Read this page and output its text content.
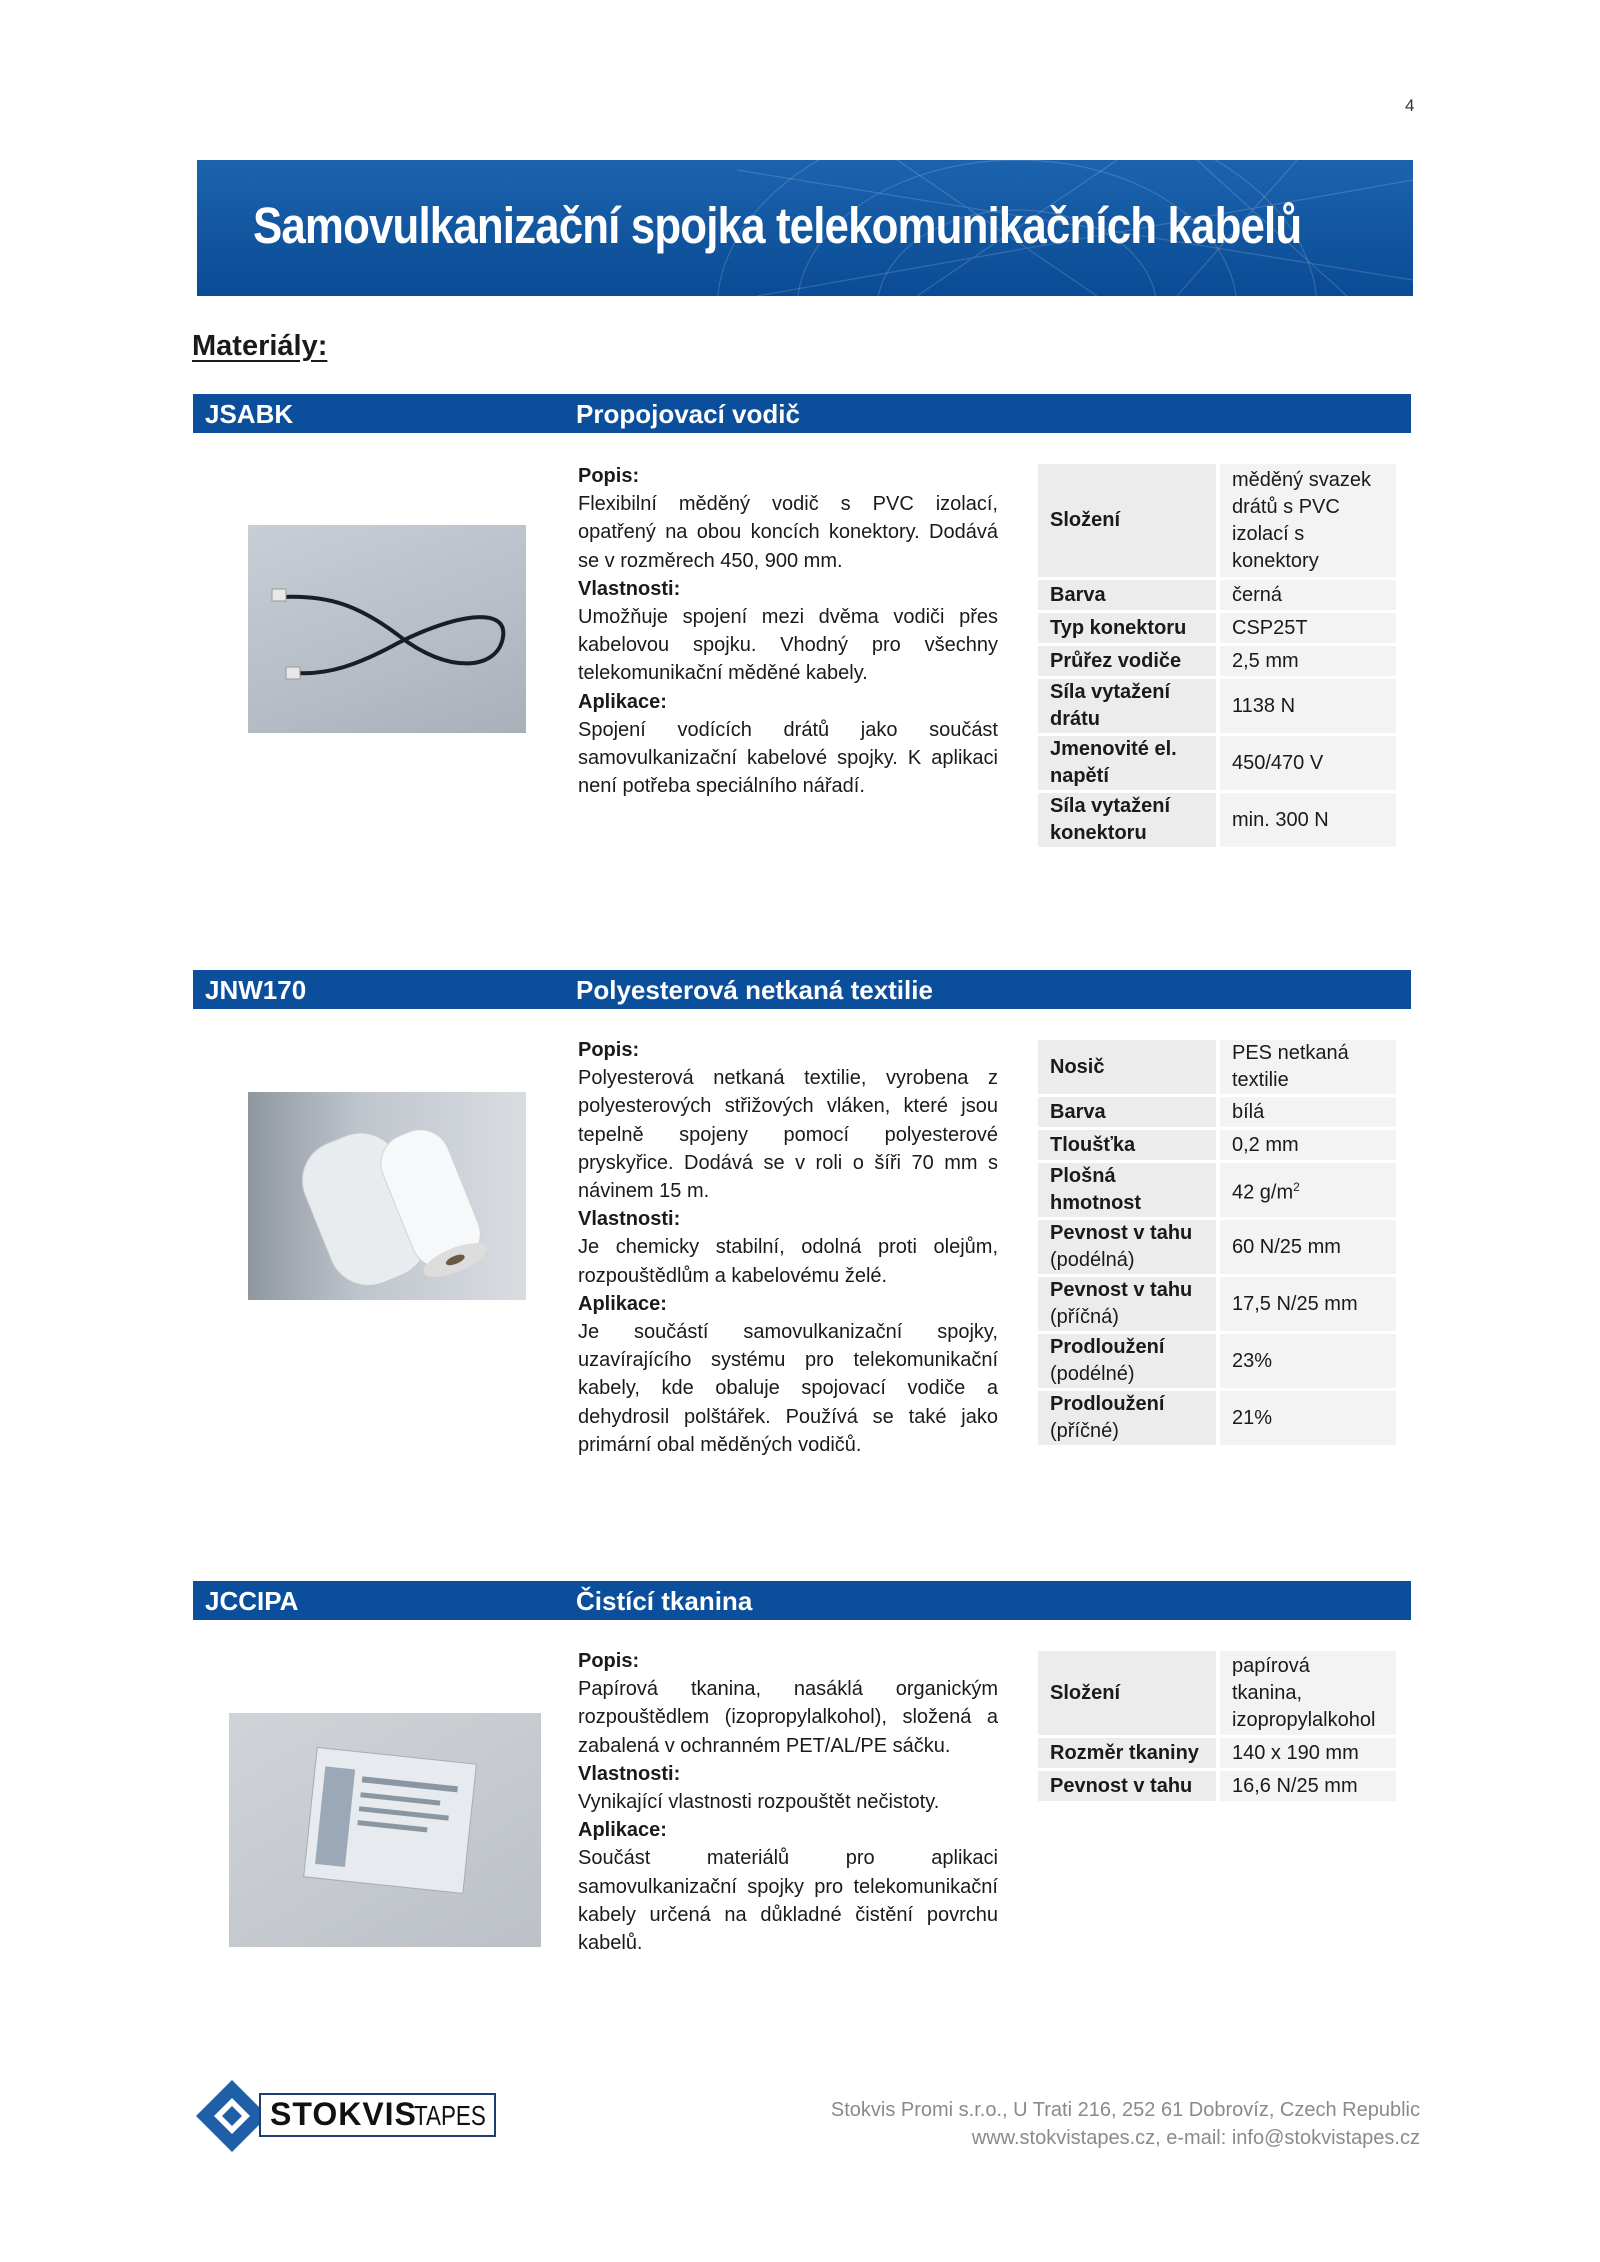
4
Samovulkanizační spojka telekomunikačních kabelů
Materiály:
JSABK	Propojovací vodič
Popis:

Flexibilní měděný vodič s PVC izolací, opatřený na obou koncích konektory. Dodává se v rozměrech 450, 900 mm.

Vlastnosti:

Umožňuje spojení mezi dvěma vodiči přes kabelovou spojku. Vhodný pro všechny telekomunikační měděné kabely.

Aplikace:

Spojení vodících drátů jako součást samovulkanizační kabelové spojky. K aplikaci není potřeba speciálního nářadí.

Složení	měděný svazek drátů s PVC izolací s konektory
Barva	černá
Typ konektoru	CSP25T
Průřez vodiče	2,5 mm
Síla vytažení drátu	1138 N
Jmenovité el. napětí	450/470 V
Síla vytažení konektoru	min. 300 N
JNW170	Polyesterová netkaná textilie
Popis:

Polyesterová netkaná textilie, vyrobena z polyesterových střižových vláken, které jsou tepelně spojeny pomocí polyesterové pryskyřice. Dodává se v roli o šíři 70 mm s návinem 15 m.

Vlastnosti:

Je chemicky stabilní, odolná proti olejům, rozpouštědlům a kabelovému želé.

Aplikace:

Je součástí samovulkanizační spojky, uzavírajícího systému pro telekomunikační kabely, kde obaluje spojovací vodiče a dehydrosil polštářek. Používá se také jako primární obal měděných vodičů.

Nosič	PES netkaná textilie
Barva	bílá
Tloušťka	0,2 mm
Plošná hmotnost	42 $g/m^2$
Pevnost v tahu
(podélná)	60 N/25 mm
Pevnost v tahu
(příčná)	17,5 N/25 mm
Prodloužení
(podélné)	23%
Prodloužení
(příčné)	21%
JCCIPA	Čistící tkanina
Popis:

Papírová tkanina, nasáklá organickým rozpouštědlem (izopropylalkohol), složená a zabalená v ochranném PET/AL/PE sáčku.

Vlastnosti:

Vynikající vlastnosti rozpouštět nečistoty.

Aplikace:

Součást materiálů pro aplikaci samovulkanizační spojky pro telekomunikační kabely určená na důkladné čistění povrchu kabelů.

Složení	papírová tkanina, izopropylalkohol
Rozměr tkaniny	140 x 190 mm
Pevnost v tahu	16,6 N/25 mm
STOKVIS
TAPES	Stokvis Promi s.r.o., U Trati 216, 252 61 Dobrovíz, Czech Republic
www.stokvistapes.cz, e-mail: info@stokvistapes.cz
